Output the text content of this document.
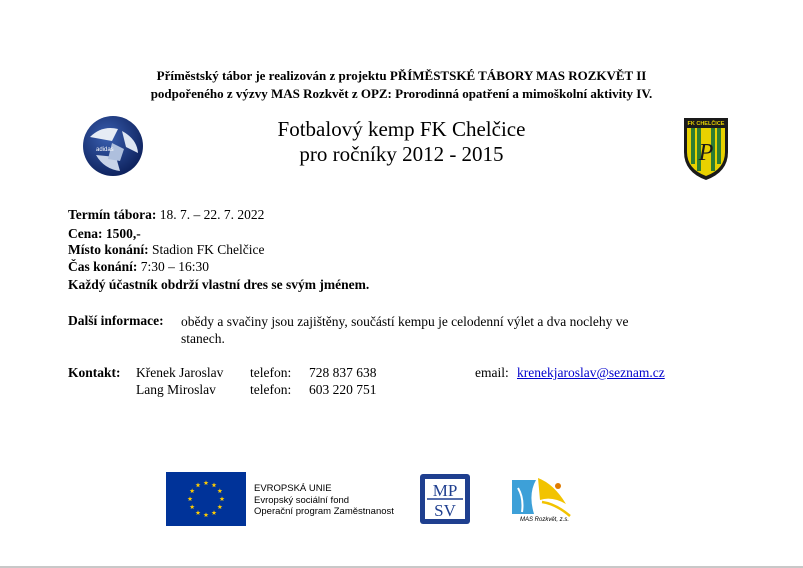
Příměstský tábor je realizován z projektu PŘÍMĚSTSKÉ TÁBORY MAS ROZKVĚT II
podpořeného z výzvy MAS Rozkvět z OPZ: Prorodinná opatření a mimoškolní aktivity IV.
adidas
Fotbalový kemp FK Chelčice
pro ročníky 2012 - 2015
FK CHELČICE
P
Termín tábora: 18. 7. – 22. 7. 2022
Cena: 1500,-
Místo konání: Stadion FK Chelčice
Čas konání: 7:30 – 16:30
Každý účastník obdrží vlastní dres se svým jménem.
Další informace: obědy a svačiny jsou zajištěny, součástí kempu je celodenní výlet a dva noclehy ve
stanech.
Kontakt: Křenek Jaroslav telefon: 728 837 638
Lang Miroslav	telefon: 603 220 751
email: krenekjaroslav@seznam.cz
EVROPSKÁ UNIE
Evropský sociální fond
Operační program Zaměstnanost
MP
SV	MAS Rozkvět, z.s.
